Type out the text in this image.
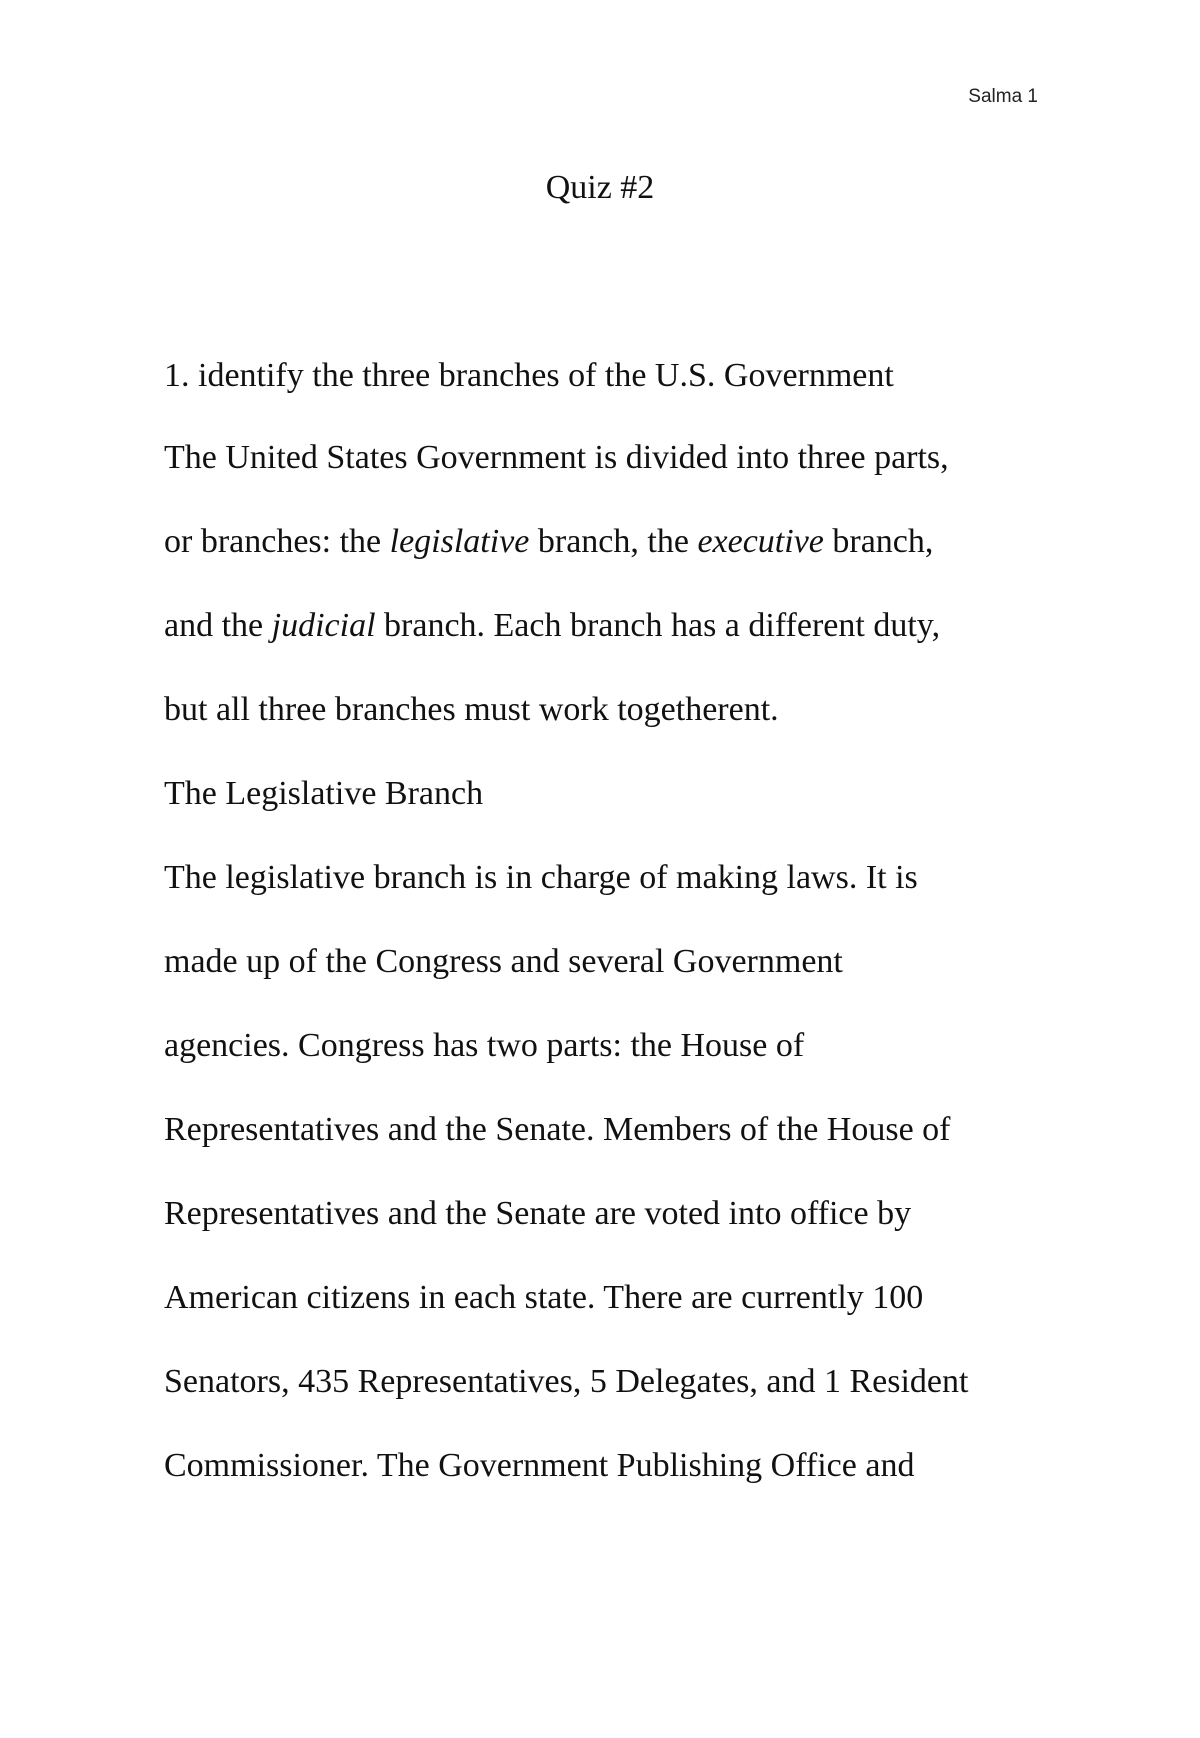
Salma 1
Quiz #2
1. identify the three branches of the U.S. Government
The United States Government is divided into three parts,
or branches: the legislative branch, the executive branch,
and the judicial branch. Each branch has a different duty,
but all three branches must work togetherent.
The Legislative Branch
The legislative branch is in charge of making laws. It is
made up of the Congress and several Government
agencies. Congress has two parts: the House of
Representatives and the Senate. Members of the House of
Representatives and the Senate are voted into office by
American citizens in each state. There are currently 100
Senators, 435 Representatives, 5 Delegates, and 1 Resident
Commissioner. The Government Publishing Office and
